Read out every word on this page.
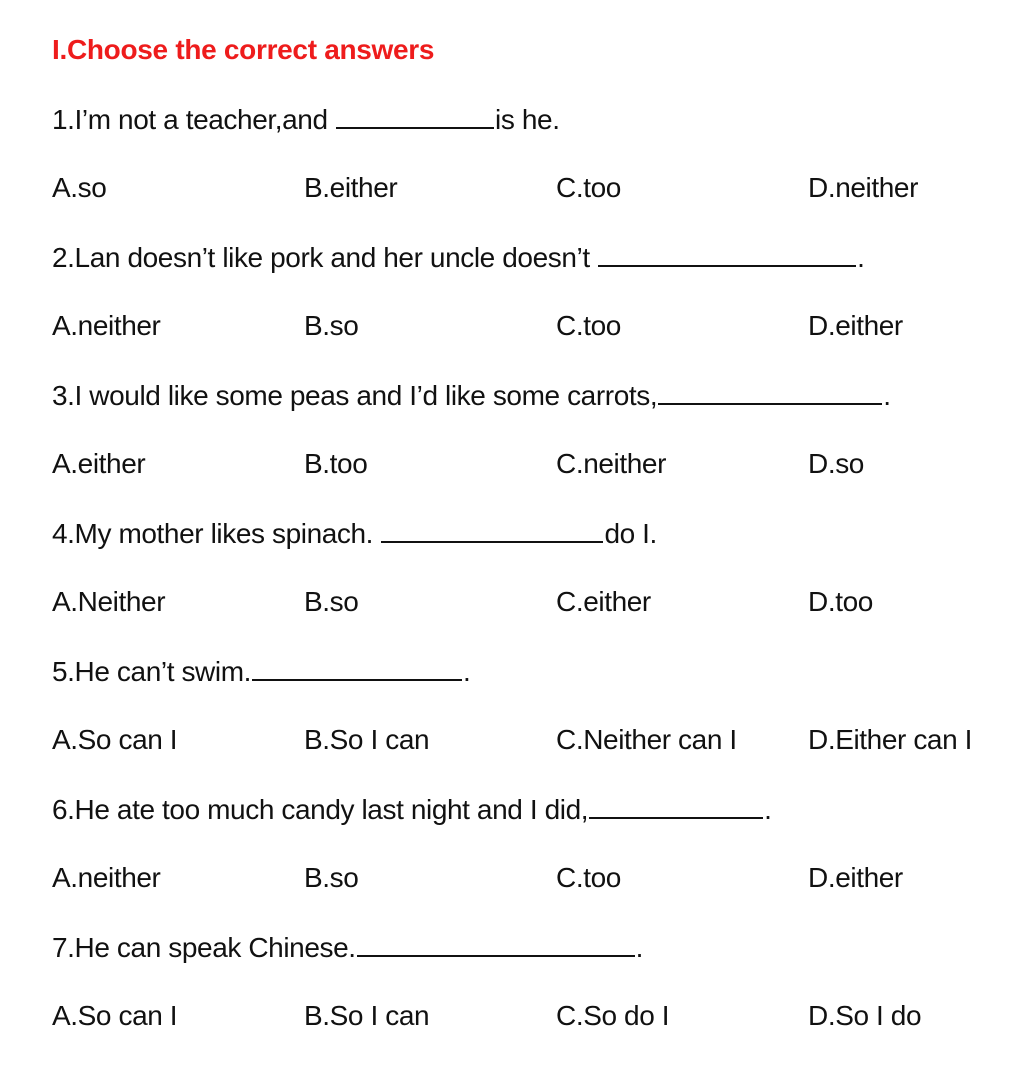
I.Choose the correct answers
1.I’m not a teacher,and	is he.
A.so	B.either	C.too	D.neither
2.Lan doesn’t like pork and her uncle doesn’t	.
A.neither	B.so	C.too	D.either
3.I would like some peas and I’d like some carrots,	.
A.either	B.too	C.neither	D.so
4.My mother likes spinach.	do I.
A.Neither	B.so	C.either	D.too
5.He can’t swim.	.
A.So can I	B.So I can	C.Neither can I	D.Either can I
6.He ate too much candy last night and I did,	.
A.neither	B.so	C.too	D.either
7.He can speak Chinese.	.
A.So can I	B.So I can	C.So do I	D.So I do
